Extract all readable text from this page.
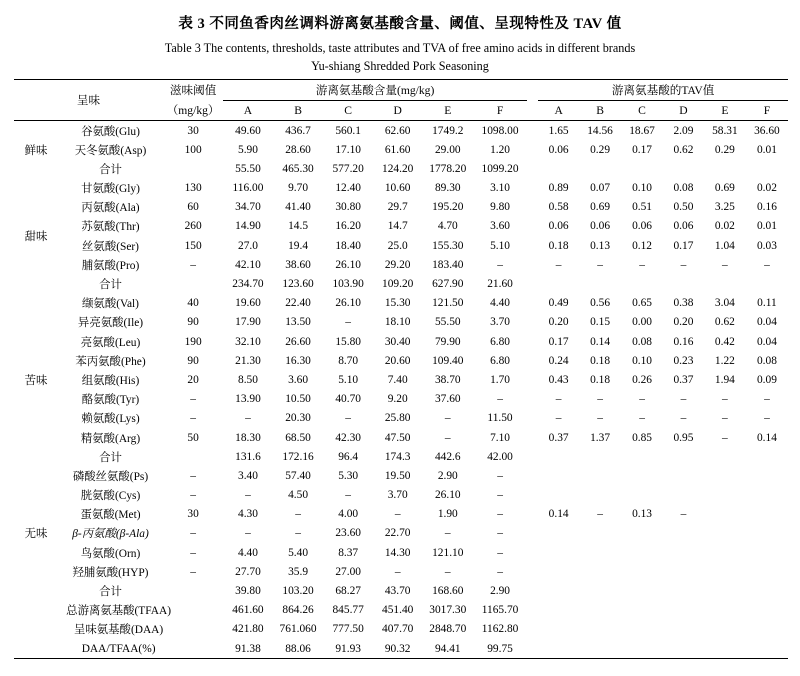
表 3 不同鱼香肉丝调料游离氨基酸含量、阈值、呈现特性及 TAV 值
Table 3 The contents, thresholds, taste attributes and TVA of free amino acids in different brands
Yu-shiang Shredded Pork Seasoning
呈味		滋味阈值	游离氨基酸含量(mg/kg)							游离氨基酸的TAV值					
		（mg/kg）	A	B	C	D	E	F		A	B	C	D	E	F
鲜味	谷氨酸(Glu)	30	49.60	436.7	560.1	62.60	1749.2	1098.00		1.65	14.56	18.67	2.09	58.31	36.60
	天冬氨酸(Asp)	100	5.90	28.60	17.10	61.60	29.00	1.20		0.06	0.29	0.17	0.62	0.29	0.01
	合计		55.50	465.30	577.20	124.20	1778.20	1099.20							
甜味	甘氨酸(Gly)	130	116.00	9.70	12.40	10.60	89.30	3.10		0.89	0.07	0.10	0.08	0.69	0.02
	丙氨酸(Ala)	60	34.70	41.40	30.80	29.7	195.20	9.80		0.58	0.69	0.51	0.50	3.25	0.16
	苏氨酸(Thr)	260	14.90	14.5	16.20	14.7	4.70	3.60		0.06	0.06	0.06	0.06	0.02	0.01
	丝氨酸(Ser)	150	27.0	19.4	18.40	25.0	155.30	5.10		0.18	0.13	0.12	0.17	1.04	0.03
	脯氨酸(Pro)	–	42.10	38.60	26.10	29.20	183.40	–		–	–	–	–	–	–
	合计		234.70	123.60	103.90	109.20	627.90	21.60							
苦味	缬氨酸(Val)	40	19.60	22.40	26.10	15.30	121.50	4.40		0.49	0.56	0.65	0.38	3.04	0.11
	异亮氨酸(Ile)	90	17.90	13.50	–	18.10	55.50	3.70		0.20	0.15	0.00	0.20	0.62	0.04
	亮氨酸(Leu)	190	32.10	26.60	15.80	30.40	79.90	6.80		0.17	0.14	0.08	0.16	0.42	0.04
	苯丙氨酸(Phe)	90	21.30	16.30	8.70	20.60	109.40	6.80		0.24	0.18	0.10	0.23	1.22	0.08
	组氨酸(His)	20	8.50	3.60	5.10	7.40	38.70	1.70		0.43	0.18	0.26	0.37	1.94	0.09
	酪氨酸(Tyr)	–	13.90	10.50	40.70	9.20	37.60	–		–	–	–	–	–	–
	赖氨酸(Lys)	–	–	20.30	–	25.80	–	11.50		–	–	–	–	–	–
	精氨酸(Arg)	50	18.30	68.50	42.30	47.50	–	7.10		0.37	1.37	0.85	0.95	–	0.14
	合计		131.6	172.16	96.4	174.3	442.6	42.00							
无味	磷酸丝氨酸(Ps)	–	3.40	57.40	5.30	19.50	2.90	–							
	胱氨酸(Cys)	–	–	4.50	–	3.70	26.10	–							
	蛋氨酸(Met)	30	4.30	–	4.00	–	1.90	–		0.14	–	0.13	–		
	β-丙氨酸(β-Ala)	–	–	–	23.60	22.70	–	–							
	鸟氨酸(Orn)	–	4.40	5.40	8.37	14.30	121.10	–							
	羟脯氨酸(HYP)	–	27.70	35.9	27.00	–	–	–							
	合计		39.80	103.20	68.27	43.70	168.60	2.90							
总游离氨基酸(TFAA)			461.60	864.26	845.77	451.40	3017.30	1165.70							
呈味氨基酸(DAA)			421.80	761.060	777.50	407.70	2848.70	1162.80							
DAA/TFAA(%)			91.38	88.06	91.93	90.32	94.41	99.75							
